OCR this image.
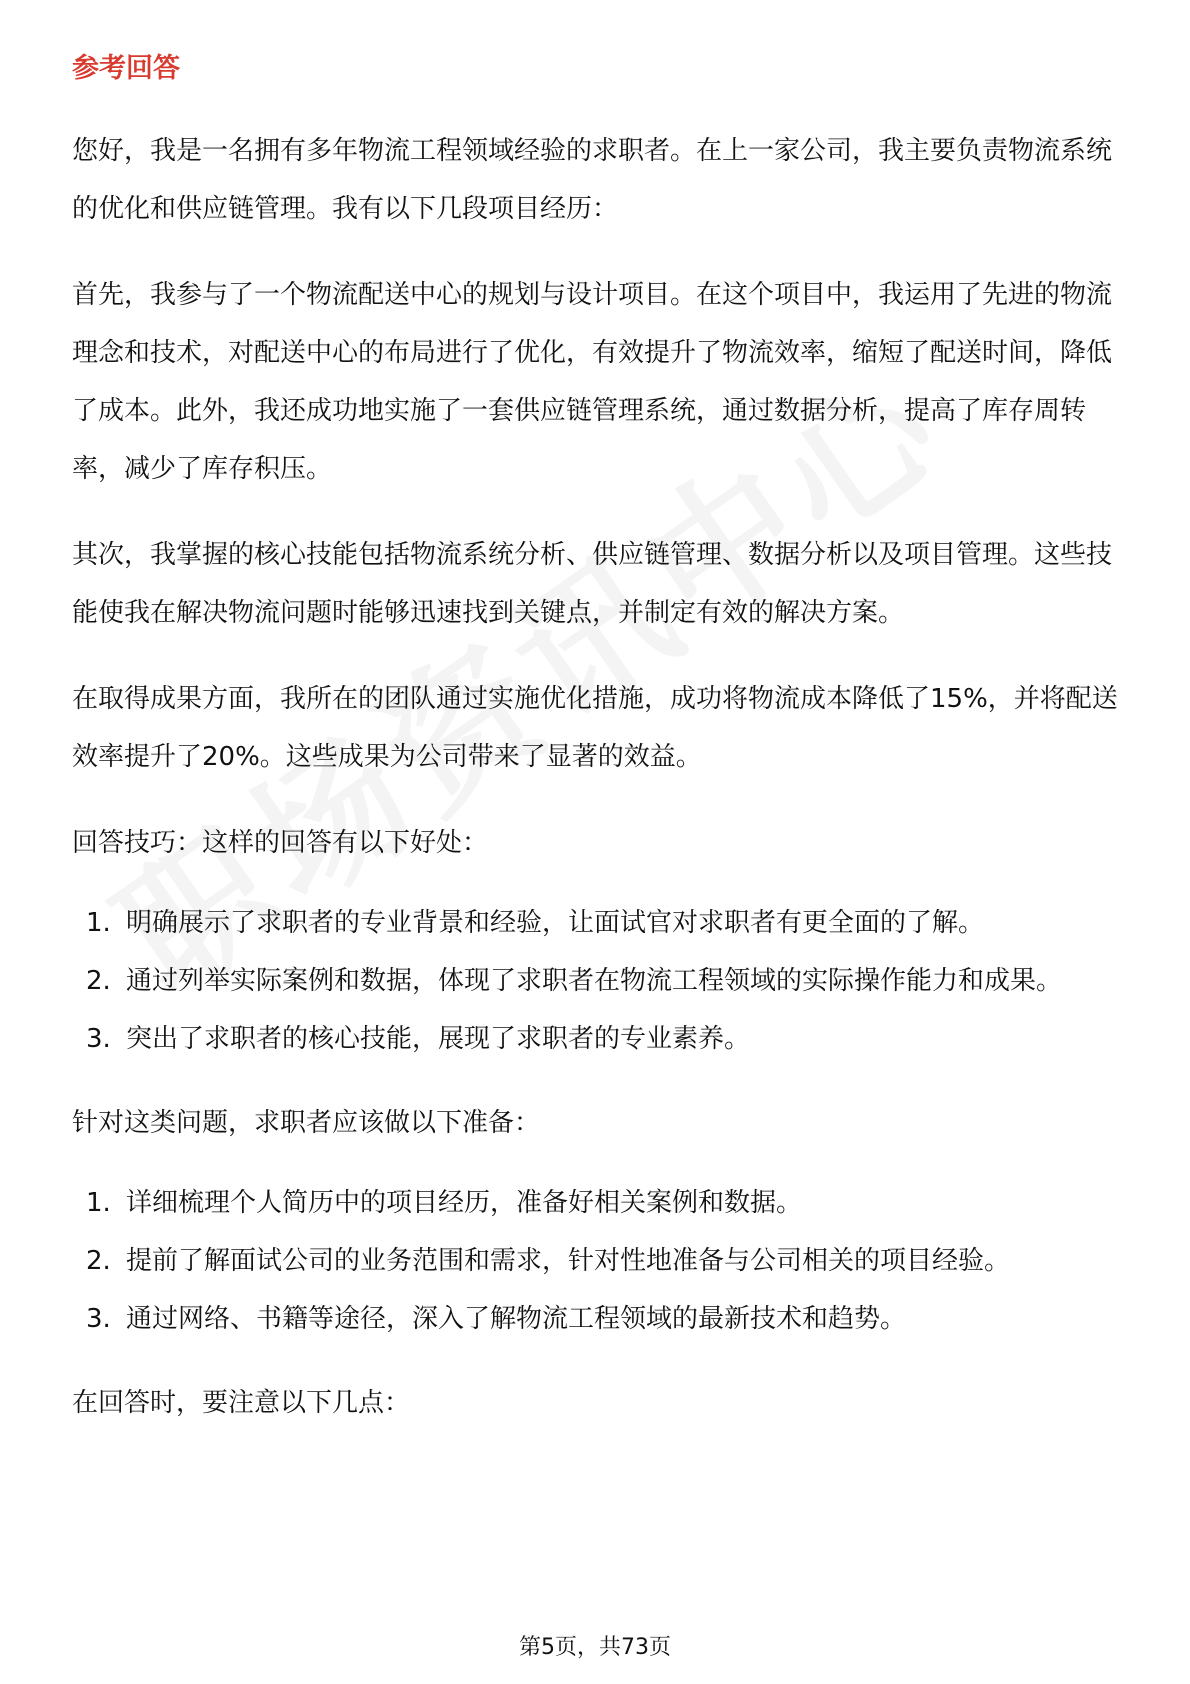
参考回答

您好，我是一名拥有多年物流工程领域经验的求职者。在上一家公司，我主要负责物流系统的优化和供应链管理。我有以下几段项目经历：

首先，我参与了一个物流配送中心的规划与设计项目。在这个项目中，我运用了先进的物流理念和技术，对配送中心的布局进行了优化，有效提升了物流效率，缩短了配送时间，降低了成本。此外，我还成功地实施了一套供应链管理系统，通过数据分析，提高了库存周转率，减少了库存积压。

其次，我掌握的核心技能包括物流系统分析、供应链管理、数据分析以及项目管理。这些技能使我在解决物流问题时能够迅速找到关键点，并制定有效的解决方案。

在取得成果方面，我所在的团队通过实施优化措施，成功将物流成本降低了15%，并将配送效率提升了20%。这些成果为公司带来了显著的效益。

回答技巧：这样的回答有以下好处：

1. 明确展示了求职者的专业背景和经验，让面试官对求职者有更全面的了解。
2. 通过列举实际案例和数据，体现了求职者在物流工程领域的实际操作能力和成果。
3. 突出了求职者的核心技能，展现了求职者的专业素养。

针对这类问题，求职者应该做以下准备：

1. 详细梳理个人简历中的项目经历，准备好相关案例和数据。
2. 提前了解面试公司的业务范围和需求，针对性地准备与公司相关的项目经验。
3. 通过网络、书籍等途径，深入了解物流工程领域的最新技术和趋势。

在回答时，要注意以下几点：

第5页，共73页
